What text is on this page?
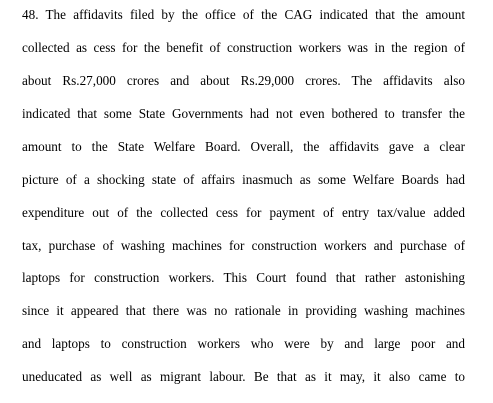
48. The affidavits filed by the office of the CAG indicated that the amount
collected as cess for the benefit of construction workers was in the region of
about Rs.27,000 crores and about Rs.29,000 crores. The affidavits also
indicated that some State Governments had not even bothered to transfer the
amount to the State Welfare Board. Overall, the affidavits gave a clear
picture of a shocking state of affairs inasmuch as some Welfare Boards had
expenditure out of the collected cess for payment of entry tax/value added
tax, purchase of washing machines for construction workers and purchase of
laptops for construction workers. This Court found that rather astonishing
since it appeared that there was no rationale in providing washing machines
and laptops to construction workers who were by and large poor and
uneducated as well as migrant labour. Be that as it may, it also came to
